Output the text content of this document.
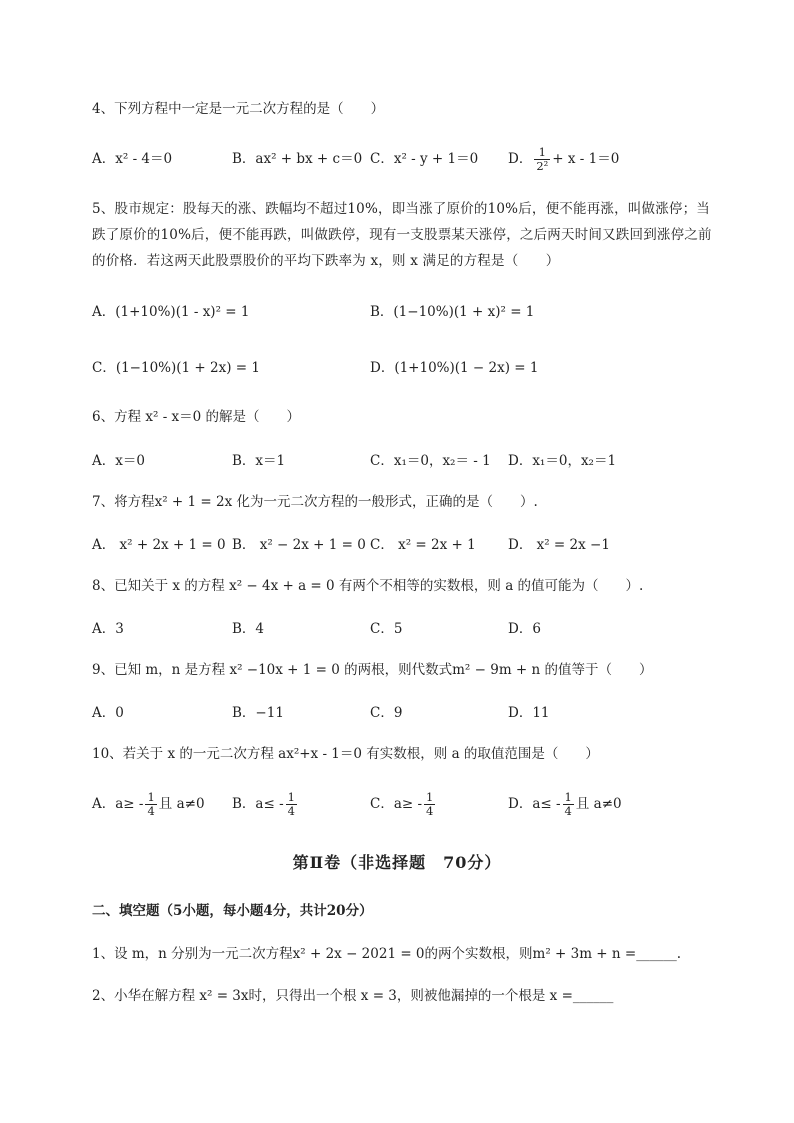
4、下列方程中一定是一元二次方程的是（　　）
A．x² - 4＝0	B．ax² + bx + c＝0 C．x² - y + 1＝0 D． $\frac{1}{\text{2²}} + x - 1=0$
5、股市规定：股每天的涨、跌幅均不超过10%，即当涨了原价的10%后，便不能再涨，叫做涨停；当跌了原价的10%后，便不能再跌，叫做跌停，现有一支股票某天涨停，之后两天时间又跌回到涨停之前的价格．若这两天此股票股价的平均下跌率为 x，则 x 满足的方程是（　　）
A．(1+10%)(1 - x)² = 1	B．(1−10%)(1 + x)² = 1
C．(1−10%)(1 + 2x) = 1	D．(1+10%)(1 − 2x) = 1
6、方程 x² - x＝0 的解是（　　）
A．x＝0	B．x＝1	C．x₁＝0，x₂＝ - 1 D．x₁＝0，x₂＝1
7、将方程x² + 1 = 2x 化为一元二次方程的一般形式，正确的是（　　）.
A． x² + 2x + 1 = 0 B． x² − 2x + 1 = 0 C． x² = 2x + 1 D． x² = 2x −1
8、已知关于 x 的方程 x² − 4x + a = 0 有两个不相等的实数根，则 a 的值可能为（　　）.
A．3	B．4	C．5	D．6
9、已知 m，n 是方程 x² −10x + 1 = 0 的两根，则代数式m² − 9m + n 的值等于（　　）
A．0	B．−11	C．9	D．11
10、若关于 x 的一元二次方程 ax²+x - 1＝0 有实数根，则 a 的取值范围是（　　）
A．$a\ge - \frac{1}{4}$ 且 a≠0 B．$a\le - \frac{1}{4}$	C．$a\ge - \frac{1}{4}$	D．$a\le - \frac{1}{4}$ 且 a≠0
第Ⅱ卷（非选择题　70分）
二、填空题（5小题，每小题4分，共计20分）
1、设 m，n 分别为一元二次方程x² + 2x − 2021 = 0的两个实数根，则m² + 3m + n =______.
2、小华在解方程 x² = 3x时，只得出一个根 x = 3，则被他漏掉的一个根是 x =______
